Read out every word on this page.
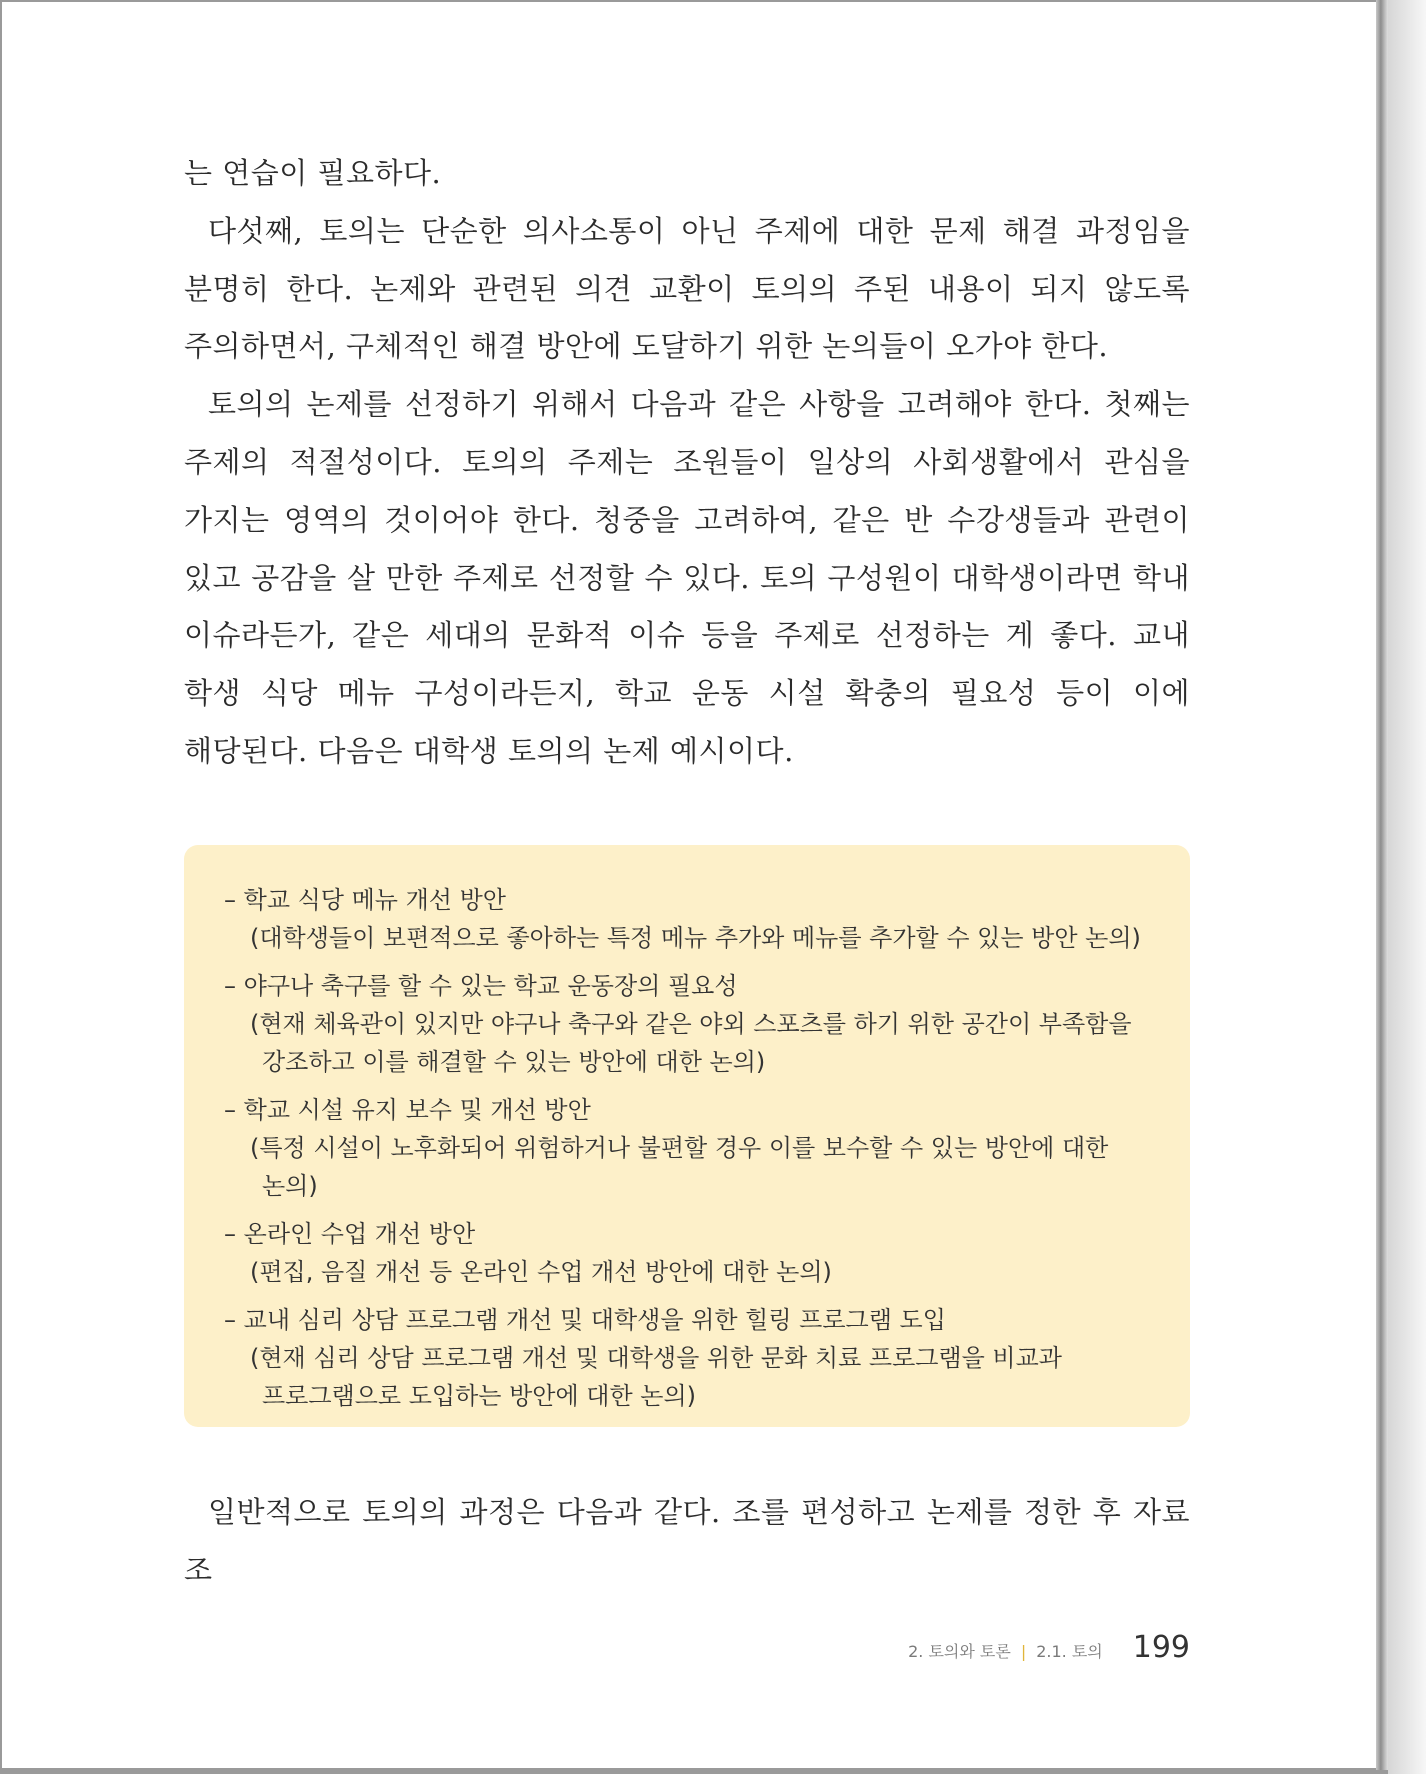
는 연습이 필요하다.

다섯째, 토의는 단순한 의사소통이 아닌 주제에 대한 문제 해결 과정임을 분명히 한다. 논제와 관련된 의견 교환이 토의의 주된 내용이 되지 않도록 주의하면서, 구체적인 해결 방안에 도달하기 위한 논의들이 오가야 한다.

토의의 논제를 선정하기 위해서 다음과 같은 사항을 고려해야 한다. 첫째는 주제의 적절성이다. 토의의 주제는 조원들이 일상의 사회생활에서 관심을 가지는 영역의 것이어야 한다. 청중을 고려하여, 같은 반 수강생들과 관련이 있고 공감을 살 만한 주제로 선정할 수 있다. 토의 구성원이 대학생이라면 학내 이슈라든가, 같은 세대의 문화적 이슈 등을 주제로 선정하는 게 좋다. 교내 학생 식당 메뉴 구성이라든지, 학교 운동 시설 확충의 필요성 등이 이에 해당된다. 다음은 대학생 토의의 논제 예시이다.

– 학교 식당 메뉴 개선 방안
(대학생들이 보편적으로 좋아하는 특정 메뉴 추가와 메뉴를 추가할 수 있는 방안 논의)
– 야구나 축구를 할 수 있는 학교 운동장의 필요성
(현재 체육관이 있지만 야구나 축구와 같은 야외 스포츠를 하기 위한 공간이 부족함을 강조하고 이를 해결할 수 있는 방안에 대한 논의)
– 학교 시설 유지 보수 및 개선 방안
(특정 시설이 노후화되어 위험하거나 불편할 경우 이를 보수할 수 있는 방안에 대한 논의)
– 온라인 수업 개선 방안
(편집, 음질 개선 등 온라인 수업 개선 방안에 대한 논의)
– 교내 심리 상담 프로그램 개선 및 대학생을 위한 힐링 프로그램 도입
(현재 심리 상담 프로그램 개선 및 대학생을 위한 문화 치료 프로그램을 비교과 프로그램으로 도입하는 방안에 대한 논의)

일반적으로 토의의 과정은 다음과 같다. 조를 편성하고 논제를 정한 후 자료 조

2. 토의와 토론 | 2.1. 토의 199
